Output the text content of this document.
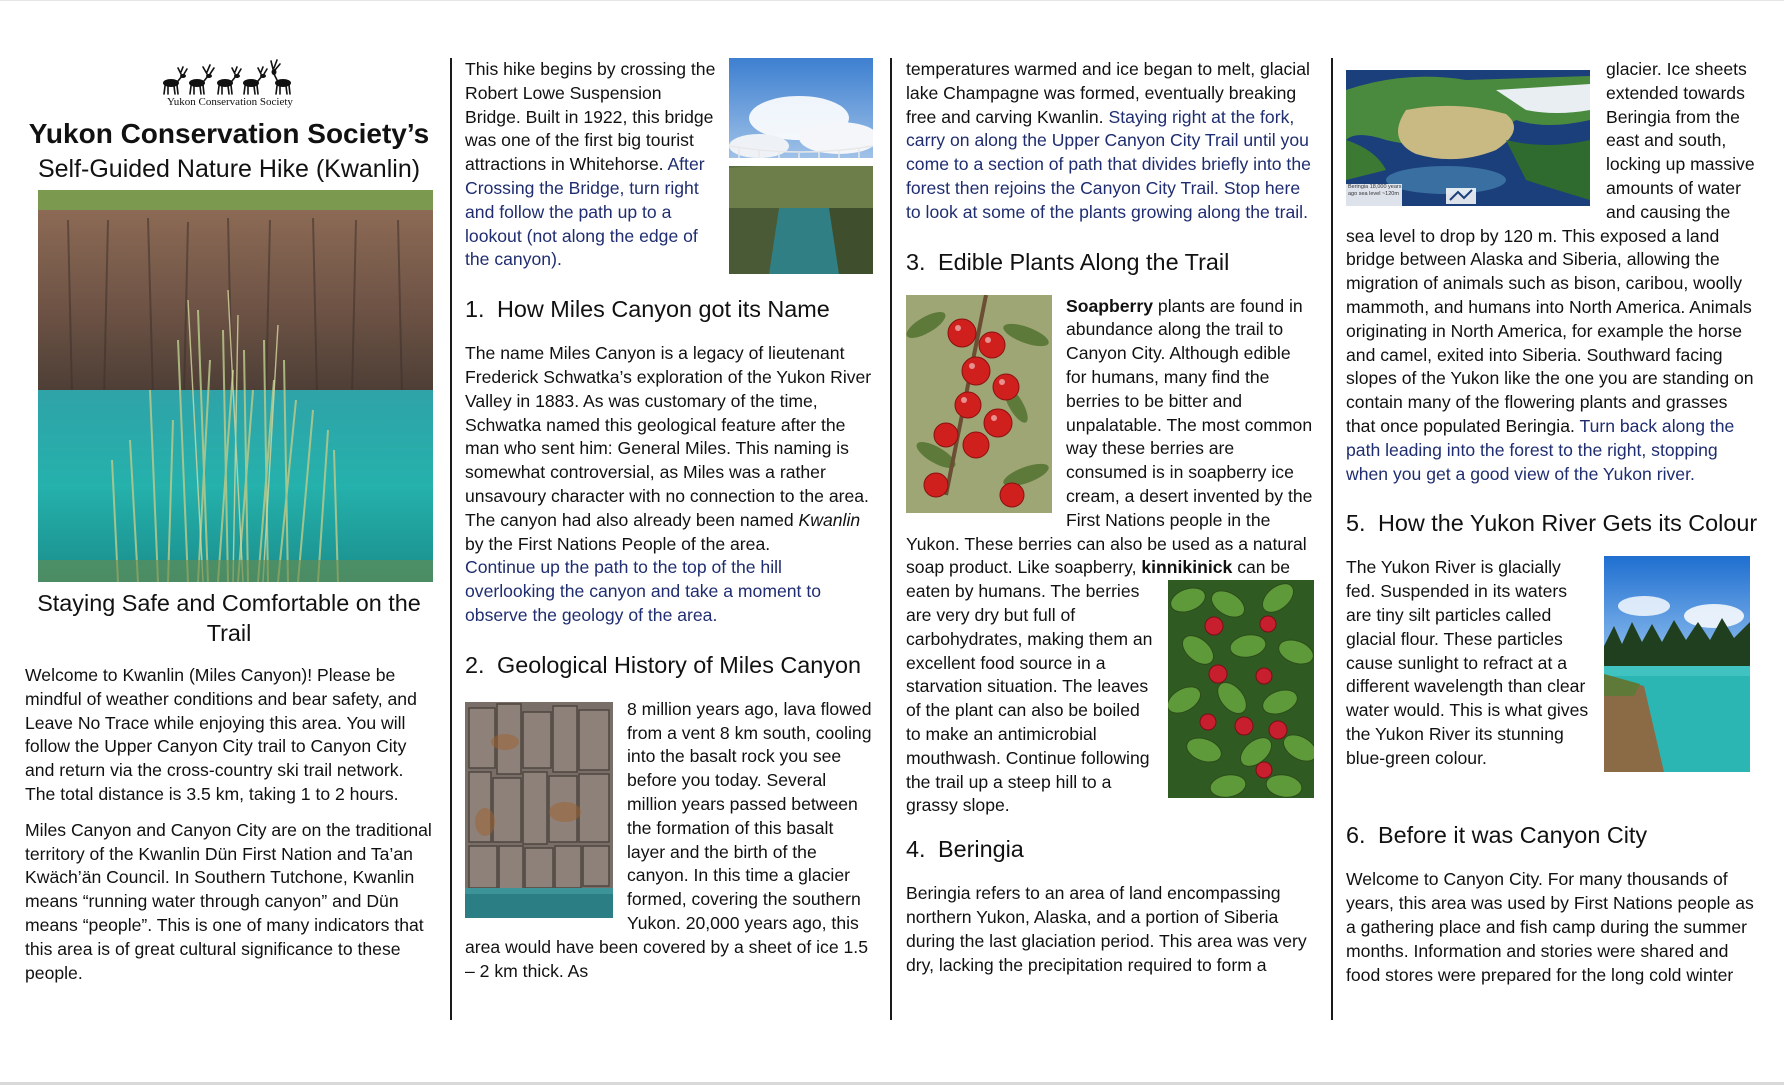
Yukon Conservation Society
Yukon Conservation Society’s
Self-Guided Nature Hike (Kwanlin)
Staying Safe and Comfortable on the Trail

Welcome to Kwanlin (Miles Canyon)! Please be mindful of weather conditions and bear safety, and Leave No Trace while enjoying this area. You will follow the Upper Canyon City trail to Canyon City and return via the cross-country ski trail network. The total distance is 3.5 km, taking 1 to 2 hours.

Miles Canyon and Canyon City are on the traditional territory of the Kwanlin Dün First Nation and Ta’an Kwäch’än Council. In Southern Tutchone, Kwanlin means “running water through canyon” and Dün means “people”. This is one of many indicators that this area is of great cultural significance to these people.

This hike begins by crossing the Robert Lowe Suspension Bridge. Built in 1922, this bridge was one of the first big tourist attractions in Whitehorse. After Crossing the Bridge, turn right and follow the path up to a lookout (not along the edge of the canyon).

1. How Miles Canyon got its Name

The name Miles Canyon is a legacy of lieutenant Frederick Schwatka’s exploration of the Yukon River Valley in 1883. As was customary of the time, Schwatka named this geological feature after the man who sent him: General Miles. This naming is somewhat controversial, as Miles was a rather unsavoury character with no connection to the area. The canyon had also already been named Kwanlin by the First Nations People of the area.

Continue up the path to the top of the hill overlooking the canyon and take a moment to observe the geology of the area.

2. Geological History of Miles Canyon

8 million years ago, lava flowed from a vent 8 km south, cooling into the basalt rock you see before you today. Several million years passed between the formation of this basalt layer and the birth of the canyon. In this time a glacier formed, covering the southern Yukon. 20,000 years ago, this area would have been covered by a sheet of ice 1.5 – 2 km thick. As

temperatures warmed and ice began to melt, glacial lake Champagne was formed, eventually breaking free and carving Kwanlin. Staying right at the fork, carry on along the Upper Canyon City Trail until you come to a section of path that divides briefly into the forest then rejoins the Canyon City Trail. Stop here to look at some of the plants growing along the trail.

3. Edible Plants Along the Trail

Soapberry plants are found in abundance along the trail to Canyon City. Although edible for humans, many find the berries to be bitter and unpalatable. The most common way these berries are consumed is in soapberry ice cream, a desert invented by the First Nations people in the Yukon. These berries can also be used as a natural soap product. Like soapberry, kinnikinick can be eaten by humans. The berries are very dry but full of carbohydrates, making them an excellent food source in a starvation situation. The leaves of the plant can also be boiled to make an antimicrobial mouthwash. Continue following the trail up a steep hill to a grassy slope.

4. Beringia

Beringia refers to an area of land encompassing northern Yukon, Alaska, and a portion of Siberia during the last glaciation period. This area was very dry, lacking the precipitation required to form a

Beringia 18,000 years ago sea level ~120m

glacier. Ice sheets extended towards Beringia from the east and south, locking up massive amounts of water and causing the sea level to drop by 120 m. This exposed a land bridge between Alaska and Siberia, allowing the migration of animals such as bison, caribou, woolly mammoth, and humans into North America. Animals originating in North America, for example the horse and camel, exited into Siberia. Southward facing slopes of the Yukon like the one you are standing on contain many of the flowering plants and grasses that once populated Beringia. Turn back along the path leading into the forest to the right, stopping when you get a good view of the Yukon river.

5. How the Yukon River Gets its Colour

The Yukon River is glacially fed. Suspended in its waters are tiny silt particles called glacial flour. These particles cause sunlight to refract at a different wavelength than clear water would. This is what gives the Yukon River its stunning blue-green colour.

6. Before it was Canyon City

Welcome to Canyon City. For many thousands of years, this area was used by First Nations people as a gathering place and fish camp during the summer months. Information and stories were shared and food stores were prepared for the long cold winter
